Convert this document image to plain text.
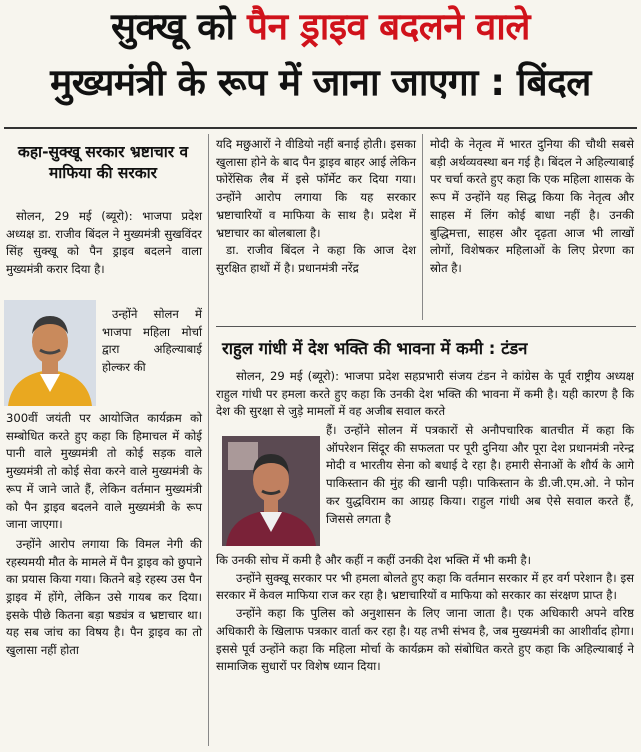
सुक्खू को पैन ड्राइव बदलने वाले
मुख्यमंत्री के रूप में जाना जाएगा : बिंदल
कहा-सुक्खू सरकार भ्रष्टाचार व माफिया की सरकार

सोलन, 29 मई (ब्यूरो): भाजपा प्रदेश अध्यक्ष डा. राजीव बिंदल ने मुख्यमंत्री सुखविंदर सिंह सुक्खू को पैन ड्राइव बदलने वाला मुख्यमंत्री करार दिया है।

उन्होंने सोलन में भाजपा महिला मोर्चा द्वारा अहिल्याबाई होल्कर की

300वीं जयंती पर आयोजित कार्यक्रम को सम्बोधित करते हुए कहा कि हिमाचल में कोई पानी वाले मुख्यमंत्री तो कोई सड़क वाले मुख्यमंत्री तो कोई सेवा करने वाले मुख्यमंत्री के रूप में जाने जाते हैं, लेकिन वर्तमान मुख्यमंत्री को पैन ड्राइव बदलने वाले मुख्यमंत्री के रूप जाना जाएगा।

उन्होंने आरोप लगाया कि विमल नेगी की रहस्यमयी मौत के मामले में पैन ड्राइव को छुपाने का प्रयास किया गया। कितने बड़े रहस्य उस पैन ड्राइव में होंगे, लेकिन उसे गायब कर दिया। इसके पीछे कितना बड़ा षड्यंत्र व भ्रष्टाचार था। यह सब जांच का विषय है। पैन ड्राइव का तो खुलासा नहीं होता

यदि मछुआरों ने वीडियो नहीं बनाई होती। इसका खुलासा होने के बाद पैन ड्राइव बाहर आई लेकिन फोरेंसिक लैब में इसे फॉर्मेट कर दिया गया। उन्होंने आरोप लगाया कि यह सरकार भ्रष्टाचारियों व माफिया के साथ है। प्रदेश में भ्रष्टाचार का बोलबाला है।

डा. राजीव बिंदल ने कहा कि आज देश सुरक्षित हाथों में है। प्रधानमंत्री नरेंद्र

मोदी के नेतृत्व में भारत दुनिया की चौथी सबसे बड़ी अर्थव्यवस्था बन गई है। बिंदल ने अहिल्याबाई पर चर्चा करते हुए कहा कि एक महिला शासक के रूप में उन्होंने यह सिद्ध किया कि नेतृत्व और साहस में लिंग कोई बाधा नहीं है। उनकी बुद्धिमत्ता, साहस और दृढ़ता आज भी लाखों लोगों, विशेषकर महिलाओं के लिए प्रेरणा का स्रोत है।

राहुल गांधी में देश भक्ति की भावना में कमी : टंडन

सोलन, 29 मई (ब्यूरो): भाजपा प्रदेश सहप्रभारी संजय टंडन ने कांग्रेस के पूर्व राष्ट्रीय अध्यक्ष राहुल गांधी पर हमला करते हुए कहा कि उनकी देश भक्ति की भावना में कमी है। यही कारण है कि देश की सुरक्षा से जुड़े मामलों में वह अजीब सवाल करते

हैं। उन्होंने सोलन में पत्रकारों से अनौपचारिक बातचीत में कहा कि ऑपरेशन सिंदूर की सफलता पर पूरी दुनिया और पूरा देश प्रधानमंत्री नरेन्द्र मोदी व भारतीय सेना को बधाई दे रहा है। हमारी सेनाओं के शौर्य के आगे पाकिस्तान की मुंह की खानी पड़ी। पाकिस्तान के डी.जी.एम.ओ. ने फोन कर युद्धविराम का आग्रह किया। राहुल गांधी अब ऐसे सवाल करते हैं, जिससे लगता है

कि उनकी सोच में कमी है और कहीं न कहीं उनकी देश भक्ति में भी कमी है।

उन्होंने सुक्खू सरकार पर भी हमला बोलते हुए कहा कि वर्तमान सरकार में हर वर्ग परेशान है। इस सरकार में केवल माफिया राज कर रहा है। भ्रष्टाचारियों व माफिया को सरकार का संरक्षण प्राप्त है।

उन्होंने कहा कि पुलिस को अनुशासन के लिए जाना जाता है। एक अधिकारी अपने वरिष्ठ अधिकारी के खिलाफ पत्रकार वार्ता कर रहा है। यह तभी संभव है, जब मुख्यमंत्री का आशीर्वाद होगा। इससे पूर्व उन्होंने कहा कि महिला मोर्चा के कार्यक्रम को संबोधित करते हुए कहा कि अहिल्याबाई ने सामाजिक सुधारों पर विशेष ध्यान दिया।
